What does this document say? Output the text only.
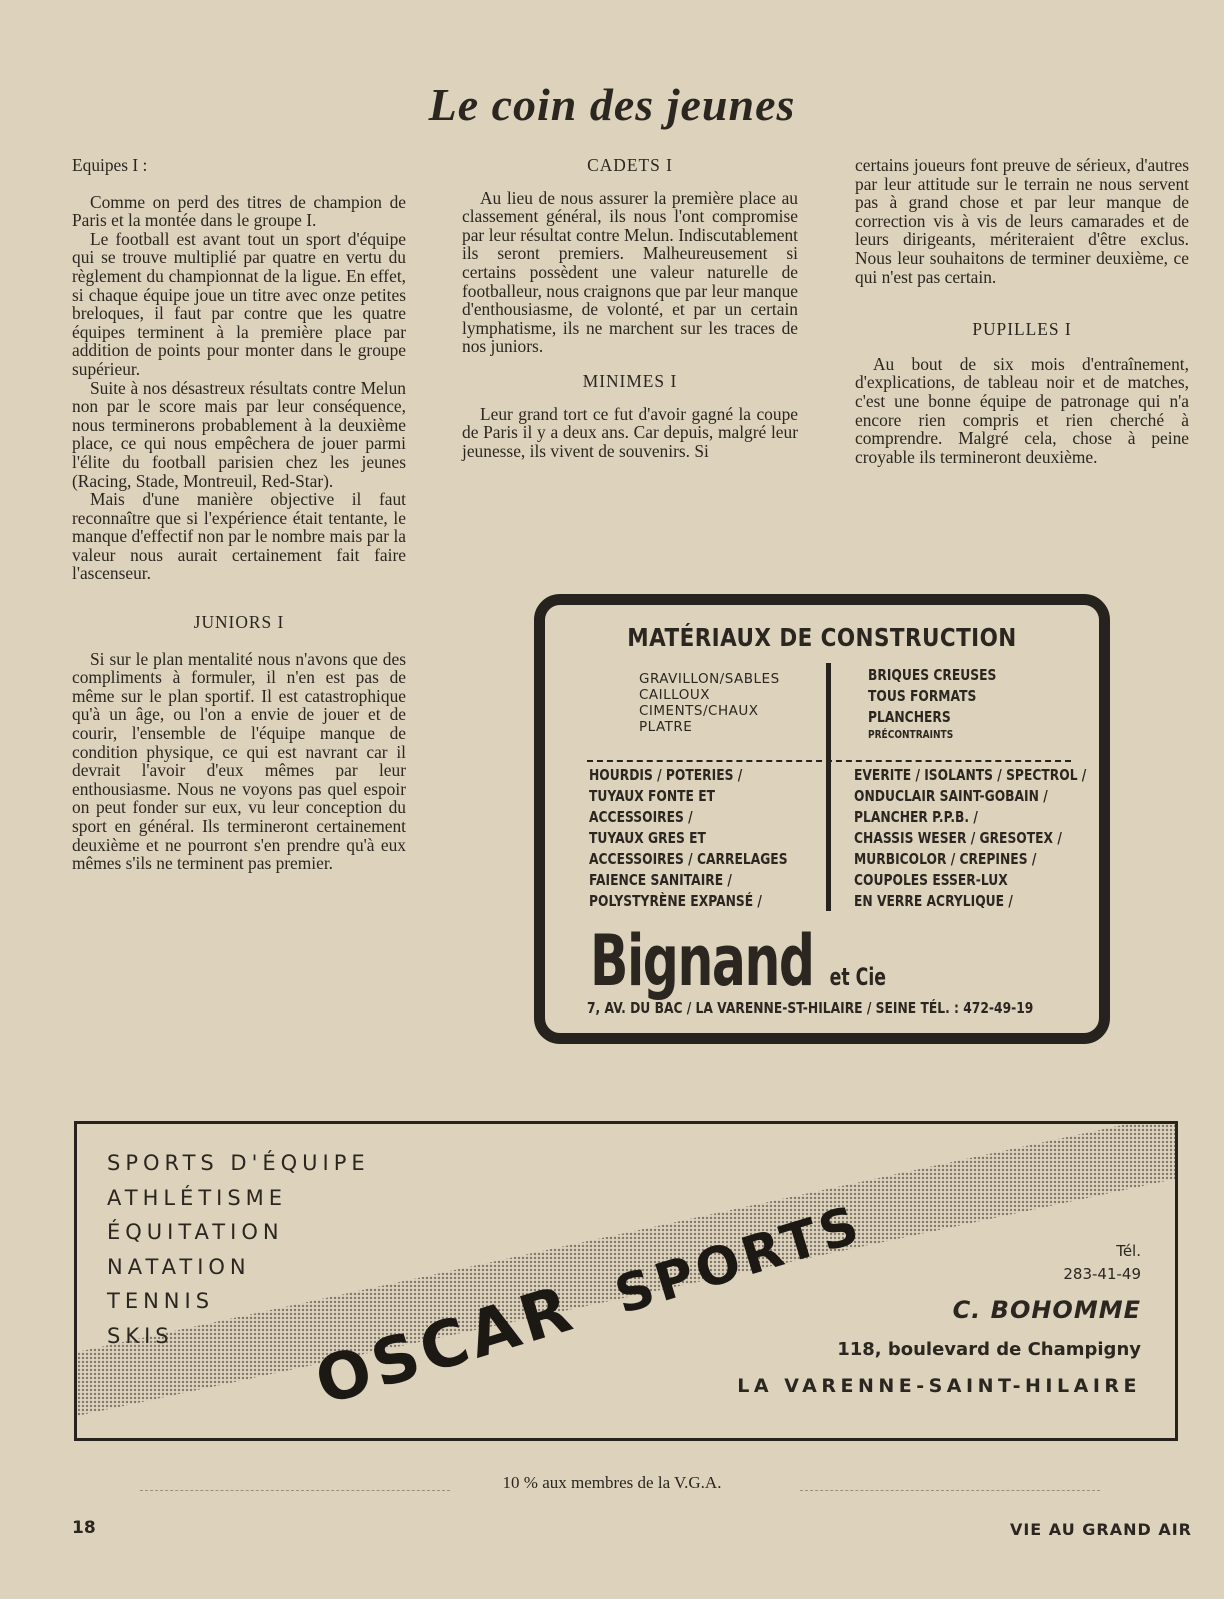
Le coin des jeunes

Equipes I :

Comme on perd des titres de champion de Paris et la montée dans le groupe I.

Le football est avant tout un sport d'équipe qui se trouve multiplié par quatre en vertu du règlement du championnat de la ligue. En effet, si chaque équipe joue un titre avec onze petites breloques, il faut par contre que les quatre équipes terminent à la première place par addition de points pour monter dans le groupe supérieur.

Suite à nos désastreux résultats contre Melun non par le score mais par leur conséquence, nous terminerons probablement à la deuxième place, ce qui nous empêchera de jouer parmi l'élite du football parisien chez les jeunes (Racing, Stade, Montreuil, Red-Star).

Mais d'une manière objective il faut reconnaître que si l'expérience était tentante, le manque d'effectif non par le nombre mais par la valeur nous aurait certainement fait faire l'ascenseur.

JUNIORS I

Si sur le plan mentalité nous n'avons que des compliments à formuler, il n'en est pas de même sur le plan sportif. Il est catastrophique qu'à un âge, ou l'on a envie de jouer et de courir, l'ensemble de l'équipe manque de condition physique, ce qui est navrant car il devrait l'avoir d'eux mêmes par leur enthousiasme. Nous ne voyons pas quel espoir on peut fonder sur eux, vu leur conception du sport en général. Ils termineront certainement deuxième et ne pourront s'en prendre qu'à eux mêmes s'ils ne terminent pas premier.

CADETS I

Au lieu de nous assurer la première place au classement général, ils nous l'ont compromise par leur résultat contre Melun. Indiscutablement ils seront premiers. Malheureusement si certains possèdent une valeur naturelle de footballeur, nous craignons que par leur manque d'enthousiasme, de volonté, et par un certain lymphatisme, ils ne marchent sur les traces de nos juniors.

MINIMES I

Leur grand tort ce fut d'avoir gagné la coupe de Paris il y a deux ans. Car depuis, malgré leur jeunesse, ils vivent de souvenirs. Si

certains joueurs font preuve de sérieux, d'autres par leur attitude sur le terrain ne nous servent pas à grand chose et par leur manque de correction vis à vis de leurs camarades et de leurs dirigeants, mériteraient d'être exclus. Nous leur souhaitons de terminer deuxième, ce qui n'est pas certain.

PUPILLES I

Au bout de six mois d'entraînement, d'explications, de tableau noir et de matches, c'est une bonne équipe de patronage qui n'a encore rien compris et rien cherché à comprendre. Malgré cela, chose à peine croyable ils termineront deuxième.

MATÉRIAUX DE CONSTRUCTION
GRAVILLON/SABLES
CAILLOUX
CIMENTS/CHAUX
PLATRE
BRIQUES CREUSES
TOUS FORMATS
PLANCHERS
PRÉCONTRAINTS
HOURDIS / POTERIES /
TUYAUX FONTE ET
ACCESSOIRES /
TUYAUX GRES ET
ACCESSOIRES / CARRELAGES
FAIENCE SANITAIRE /
POLYSTYRÈNE EXPANSÉ /
EVERITE / ISOLANTS / SPECTROL /
ONDUCLAIR SAINT-GOBAIN /
PLANCHER P.P.B. /
CHASSIS WESER / GRESOTEX /
MURBICOLOR / CREPINES /
COUPOLES ESSER-LUX
EN VERRE ACRYLIQUE /
Bignand et Cie
7, AV. DU BAC / LA VARENNE-ST-HILAIRE / SEINE TÉL. : 472-49-19
SPORTS D'ÉQUIPE
ATHLÉTISME
ÉQUITATION
NATATION
TENNIS
SKIS	OSCAR SPORTS	Tél.
283-41-49
C. BOHOMME
118, boulevard de Champigny
LA VARENNE-SAINT-HILAIRE
10 % aux membres de la V.G.A.
18	VIE AU GRAND AIR
